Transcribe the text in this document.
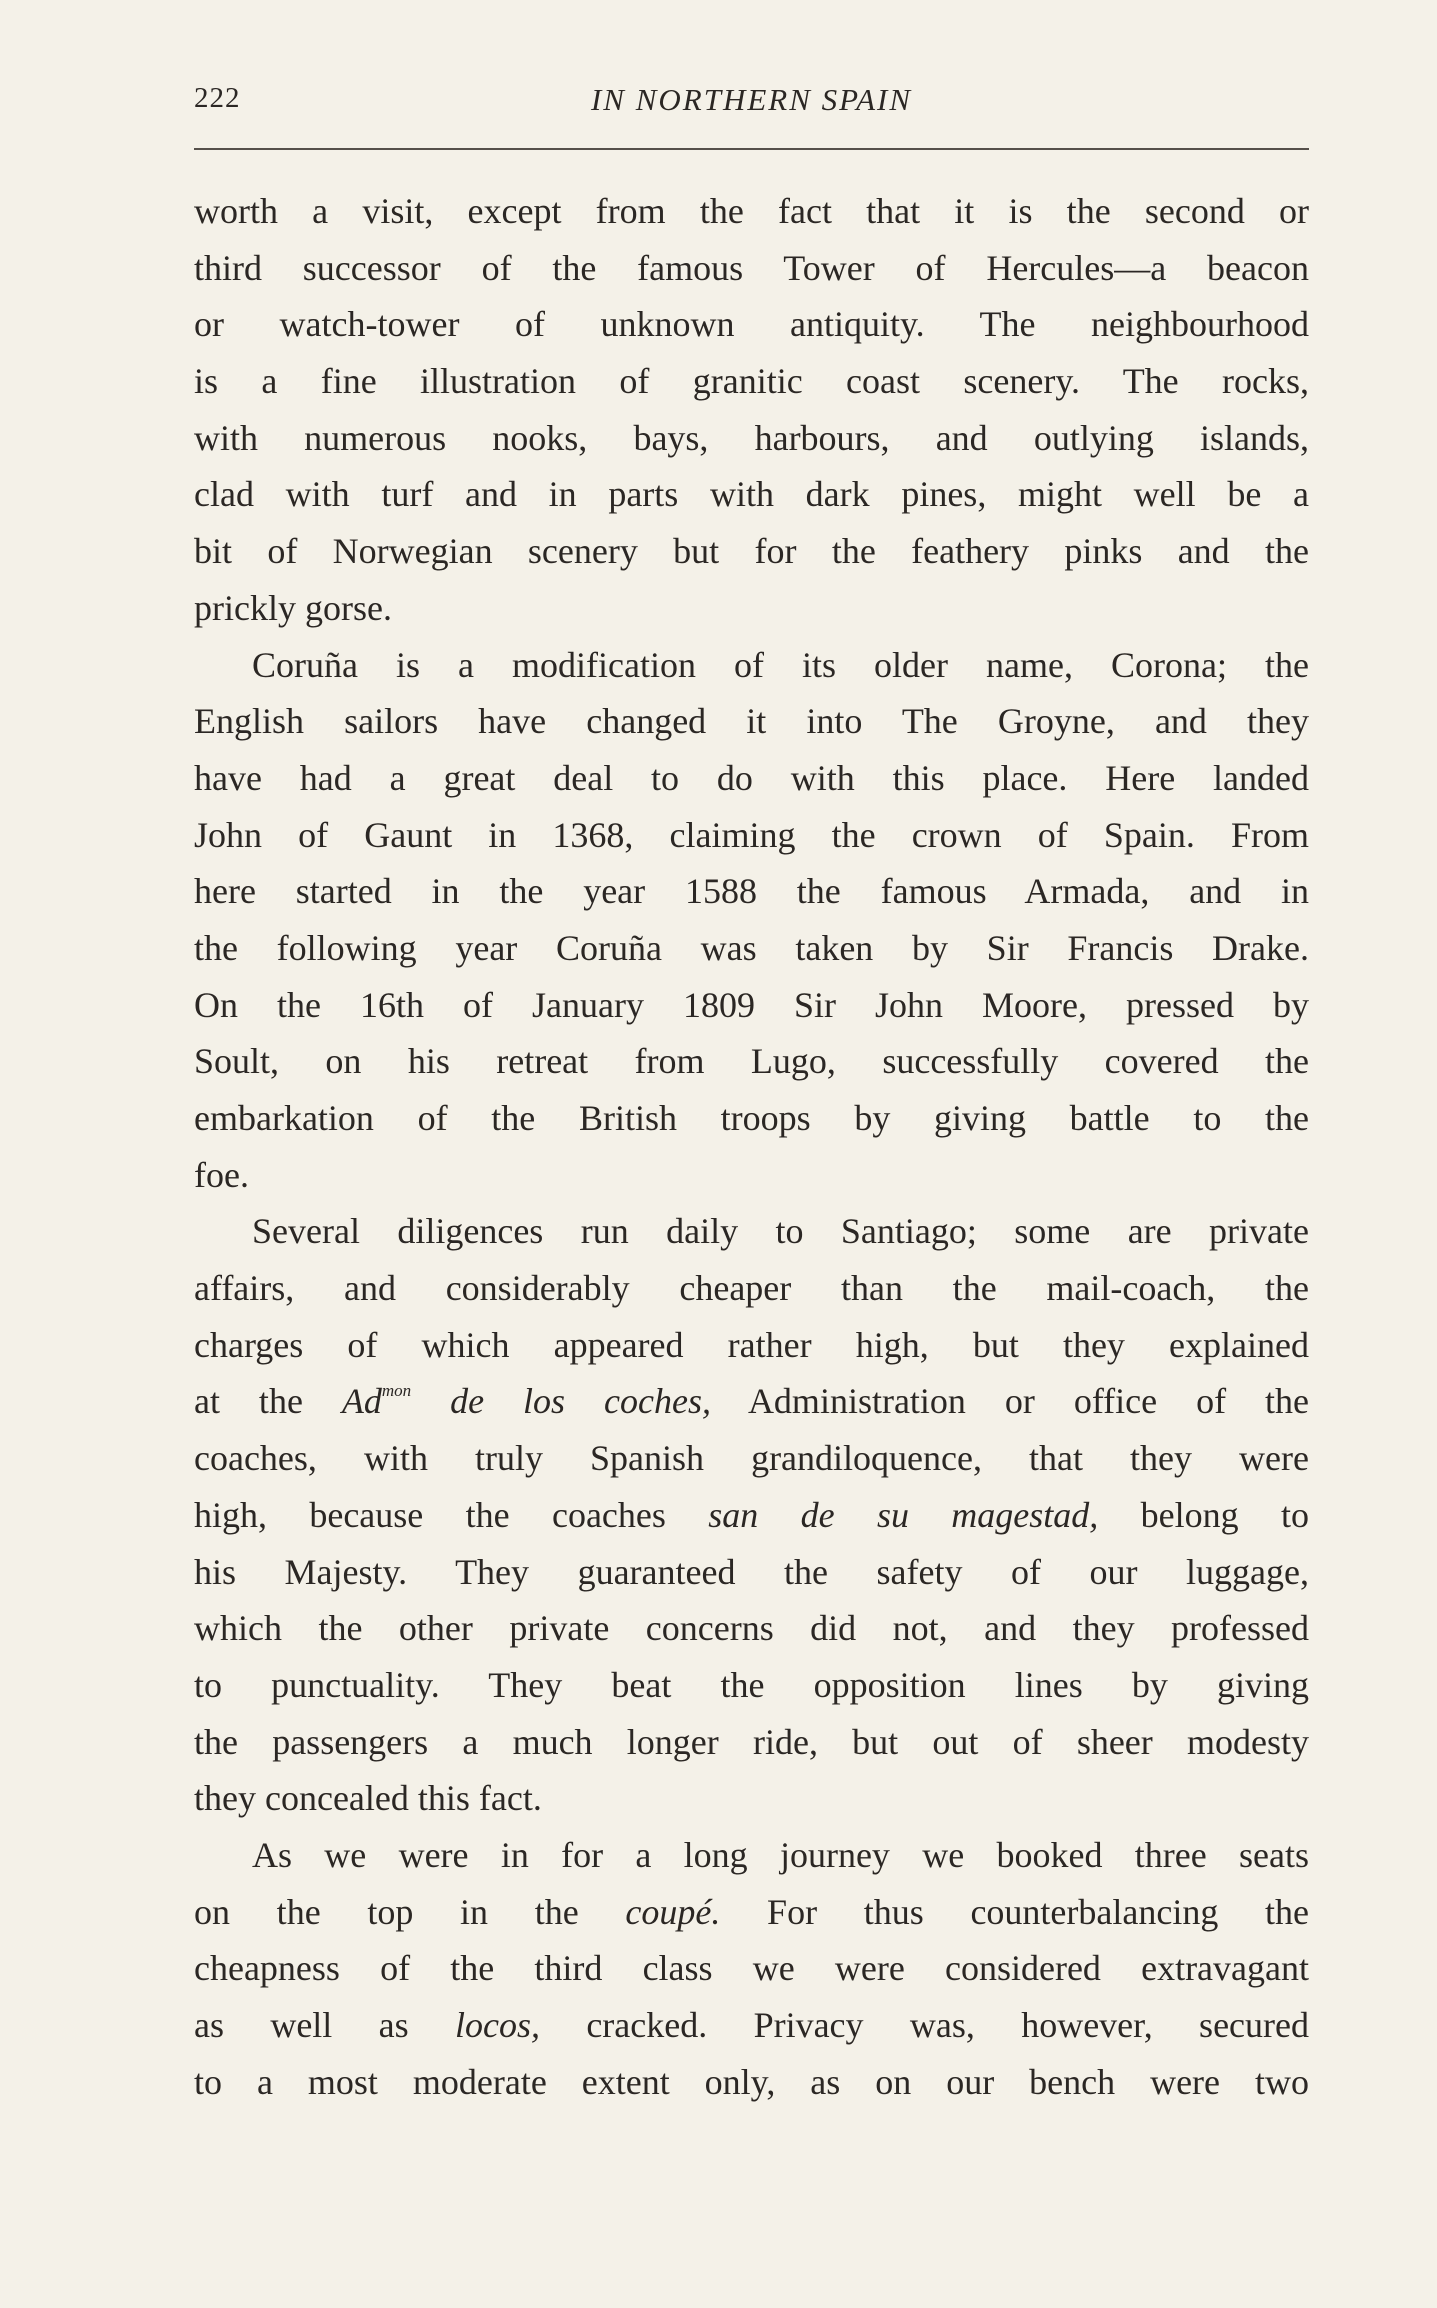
222	IN NORTHERN SPAIN
worth a visit, except from the fact that it is the second or
third successor of the famous Tower of Hercules—a beacon
or watch-tower of unknown antiquity. The neighbourhood
is a fine illustration of granitic coast scenery. The rocks,
with numerous nooks, bays, harbours, and outlying islands,
clad with turf and in parts with dark pines, might well be a
bit of Norwegian scenery but for the feathery pinks and the
prickly gorse.
Coruña is a modification of its older name, Corona; the
English sailors have changed it into The Groyne, and they
have had a great deal to do with this place. Here landed
John of Gaunt in 1368, claiming the crown of Spain. From
here started in the year 1588 the famous Armada, and in
the following year Coruña was taken by Sir Francis Drake.
On the 16th of January 1809 Sir John Moore, pressed by
Soult, on his retreat from Lugo, successfully covered the
embarkation of the British troops by giving battle to the
foe.
Several diligences run daily to Santiago; some are private
affairs, and considerably cheaper than the mail-coach, the
charges of which appeared rather high, but they explained
at the $Ad^{mon}$ de los coches, Administration or office of the
coaches, with truly Spanish grandiloquence, that they were
high, because the coaches san de su magestad, belong to
his Majesty. They guaranteed the safety of our luggage,
which the other private concerns did not, and they professed
to punctuality. They beat the opposition lines by giving
the passengers a much longer ride, but out of sheer modesty
they concealed this fact.
As we were in for a long journey we booked three seats
on the top in the coupé. For thus counterbalancing the
cheapness of the third class we were considered extravagant
as well as locos, cracked. Privacy was, however, secured
to a most moderate extent only, as on our bench were two
